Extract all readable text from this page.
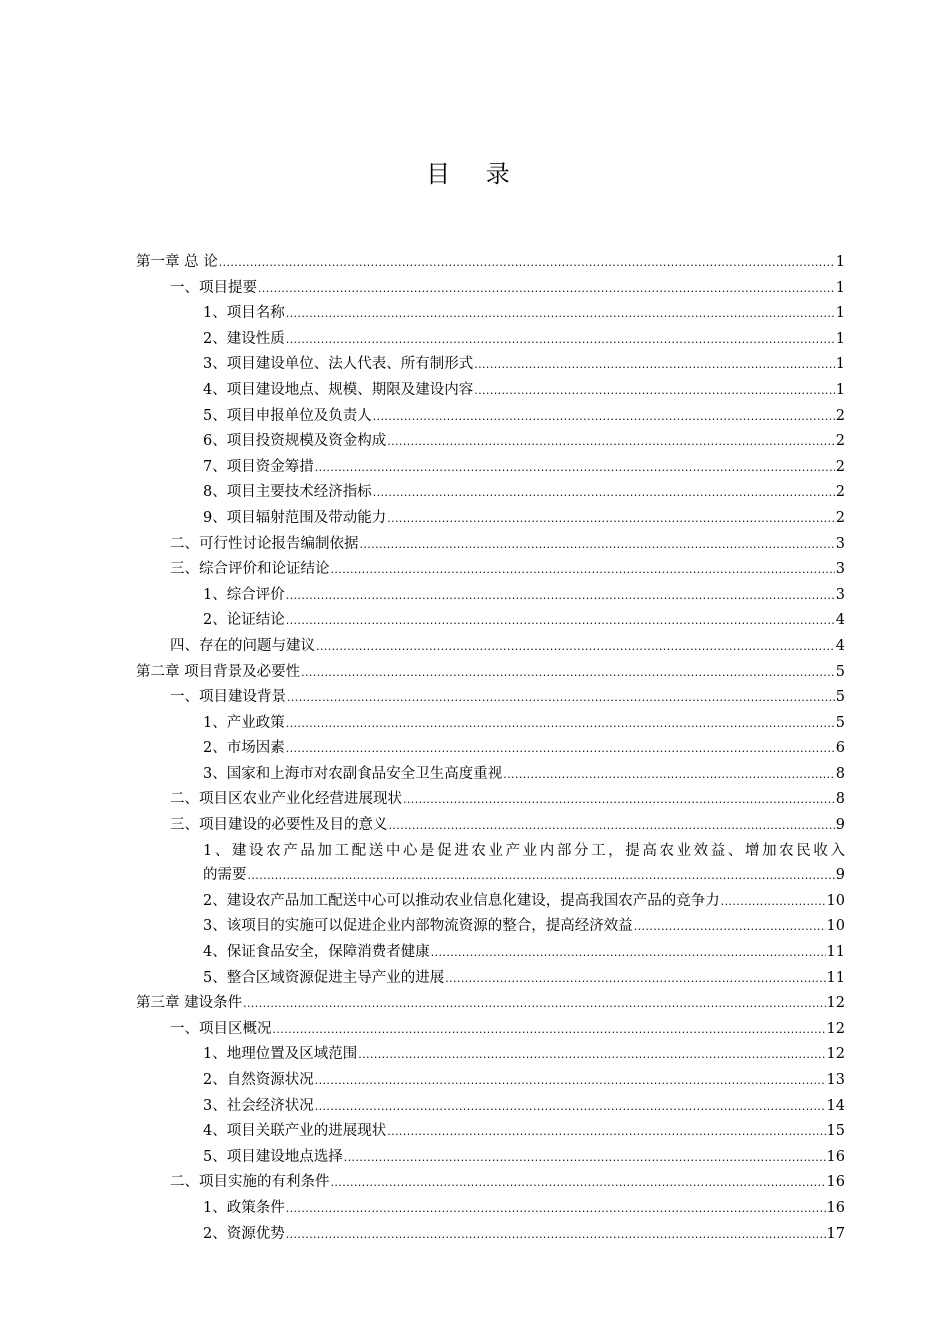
目 录
第一章 总 论 .....	1
一、项目提要 .....	1
1、项目名称 .....	1
2、建设性质 .....	1
3、项目建设单位、法人代表、所有制形式 .....	1
4、项目建设地点、规模、期限及建设内容 .....	1
5、项目申报单位及负责人 .....	2
6、项目投资规模及资金构成 .....	2
7、项目资金筹措 .....	2
8、项目主要技术经济指标 .....	2
9、项目辐射范围及带动能力 .....	2
二、可行性讨论报告编制依据 .....	3
三、综合评价和论证结论 .....	3
1、综合评价 .....	3
2、论证结论 .....	4
四、存在的问题与建议 .....	4
第二章 项目背景及必要性 .....	5
一、项目建设背景 .....	5
1、产业政策 .....	5
2、市场因素 .....	6
3、国家和上海市对农副食品安全卫生高度重视 .....	8
二、项目区农业产业化经营进展现状 .....	8
三、项目建设的必要性及目的意义 .....	9
1、建设农产品加工配送中心是促进农业产业内部分工，提高农业效益、增加农民收入
的需要 .....	9
2、建设农产品加工配送中心可以推动农业信息化建设，提高我国农产品的竞争力 .....	10
3、该项目的实施可以促进企业内部物流资源的整合，提高经济效益 .....	10
4、保证食品安全，保障消费者健康 .....	11
5、整合区域资源促进主导产业的进展 .....	11
第三章 建设条件 .....	12
一、项目区概况 .....	12
1、地理位置及区域范围 .....	12
2、自然资源状况 .....	13
3、社会经济状况 .....	14
4、项目关联产业的进展现状 .....	15
5、项目建设地点选择 .....	16
二、项目实施的有利条件 .....	16
1、政策条件 .....	16
2、资源优势 .....	17
